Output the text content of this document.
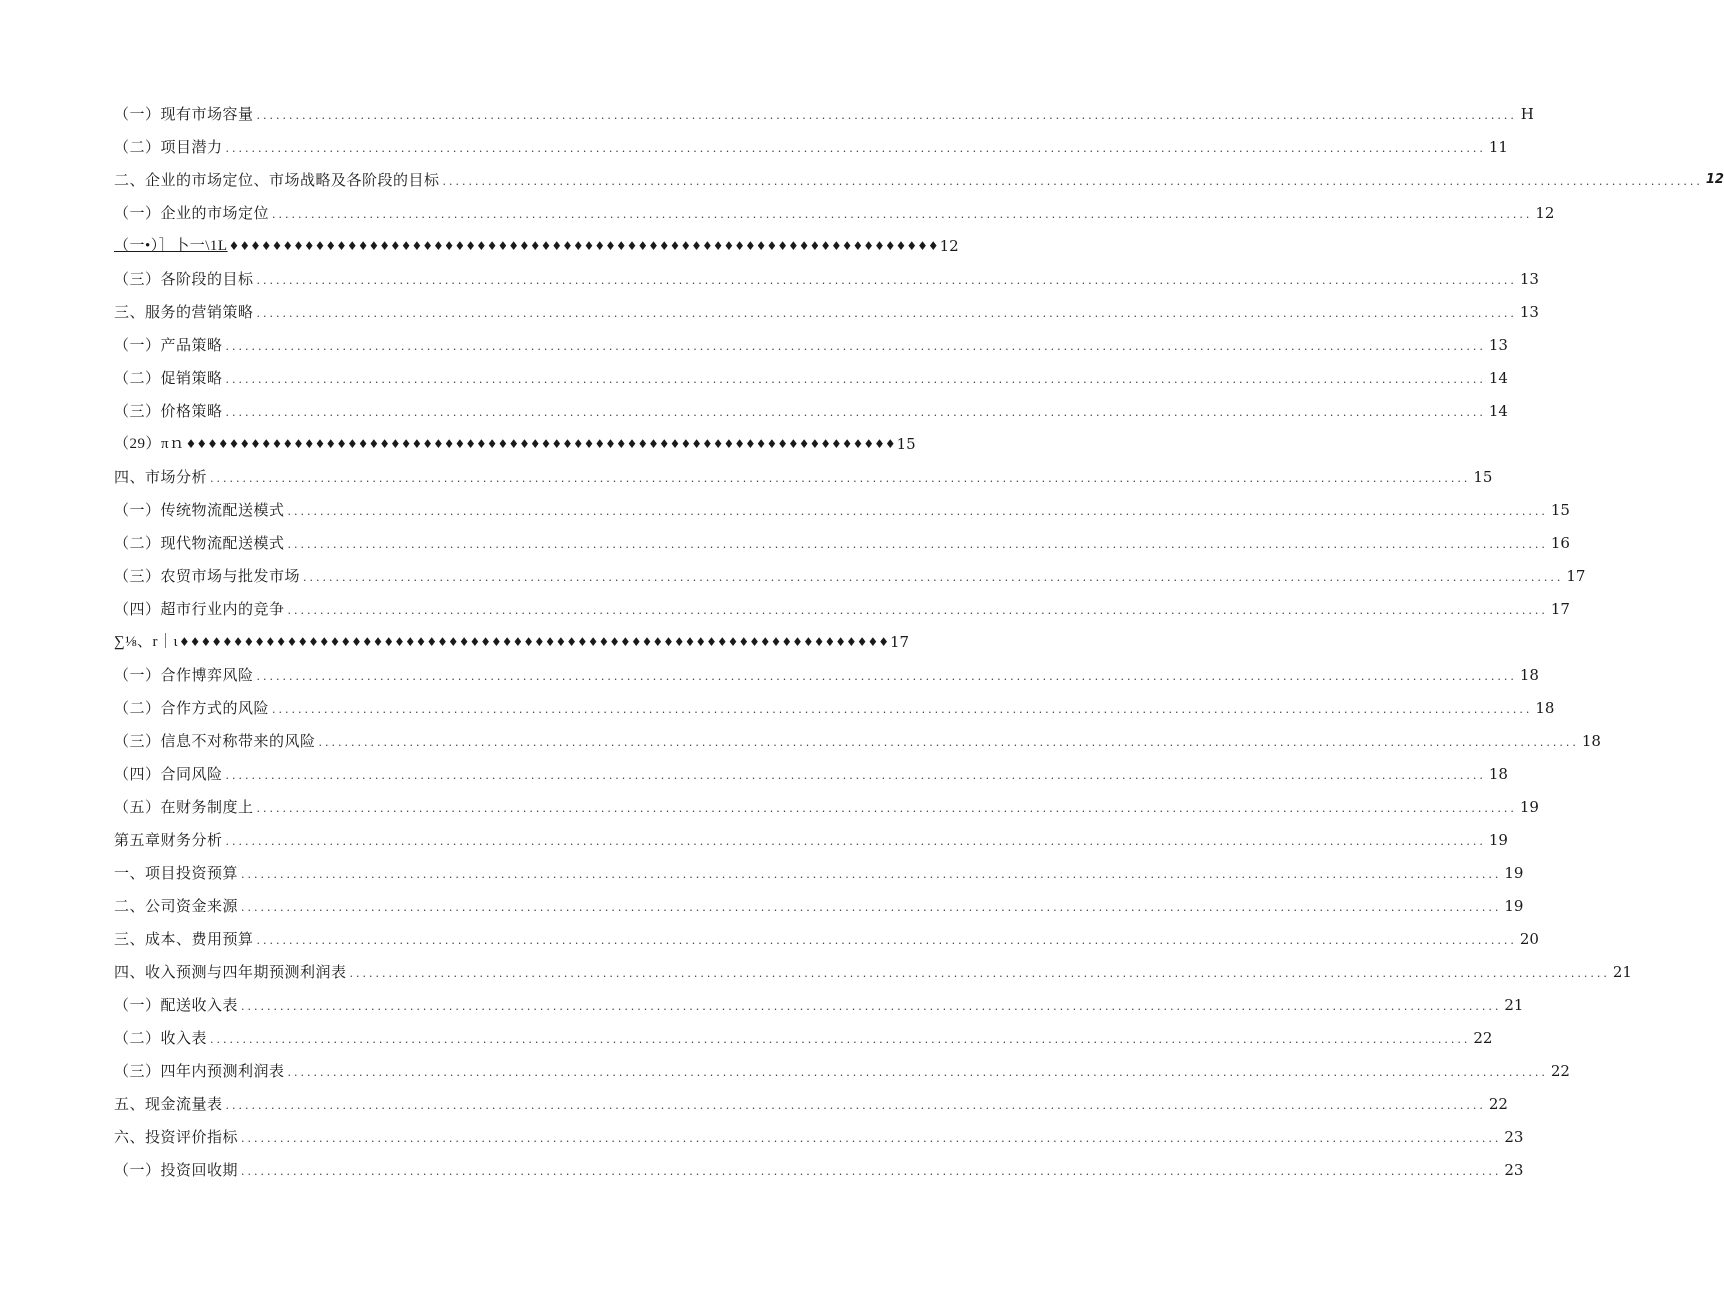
（一）现有市场容量 .................................................................................................................................................................................................. H
（二）项目潜力 .................................................................................................................................................................................................. 11
二、企业的市场定位、市场战略及各阶段的目标 .................................................................................................................................................................................................. 12
（一）企业的市场定位 .................................................................................................................................................................................................. 12
（一•）］卜一\1L ♦♦♦♦♦♦♦♦♦♦♦♦♦♦♦♦♦♦♦♦♦♦♦♦♦♦♦♦♦♦♦♦♦♦♦♦♦♦♦♦♦♦♦♦♦♦♦♦♦♦♦♦♦♦♦♦♦♦♦♦♦♦♦♦♦♦ 12
（三）各阶段的目标 .................................................................................................................................................................................................. 13
三、服务的营销策略 .................................................................................................................................................................................................. 13
（一）产品策略 .................................................................................................................................................................................................. 13
（二）促销策略 .................................................................................................................................................................................................. 14
（三）价格策略 .................................................................................................................................................................................................. 14
（29）πｎ ♦♦♦♦♦♦♦♦♦♦♦♦♦♦♦♦♦♦♦♦♦♦♦♦♦♦♦♦♦♦♦♦♦♦♦♦♦♦♦♦♦♦♦♦♦♦♦♦♦♦♦♦♦♦♦♦♦♦♦♦♦♦♦♦♦♦ 15
四、市场分析 .................................................................................................................................................................................................. 15
（一）传统物流配送模式 .................................................................................................................................................................................................. 15
（二）现代物流配送模式 .................................................................................................................................................................................................. 16
（三）农贸市场与批发市场 .................................................................................................................................................................................................. 17
（四）超市行业内的竞争 .................................................................................................................................................................................................. 17
∑⅛、r｜ι ♦♦♦♦♦♦♦♦♦♦♦♦♦♦♦♦♦♦♦♦♦♦♦♦♦♦♦♦♦♦♦♦♦♦♦♦♦♦♦♦♦♦♦♦♦♦♦♦♦♦♦♦♦♦♦♦♦♦♦♦♦♦♦♦♦♦ 17
（一）合作博弈风险 .................................................................................................................................................................................................. 18
（二）合作方式的风险 .................................................................................................................................................................................................. 18
（三）信息不对称带来的风险 .................................................................................................................................................................................................. 18
（四）合同风险 .................................................................................................................................................................................................. 18
（五）在财务制度上 .................................................................................................................................................................................................. 19
第五章财务分析 .................................................................................................................................................................................................. 19
一、项目投资预算 .................................................................................................................................................................................................. 19
二、公司资金来源 .................................................................................................................................................................................................. 19
三、成本、费用预算 .................................................................................................................................................................................................. 20
四、收入预测与四年期预测利润表 .................................................................................................................................................................................................. 21
（一）配送收入表 .................................................................................................................................................................................................. 21
（二）收入表 .................................................................................................................................................................................................. 22
（三）四年内预测利润表 .................................................................................................................................................................................................. 22
五、现金流量表 .................................................................................................................................................................................................. 22
六、投资评价指标 .................................................................................................................................................................................................. 23
（一）投资回收期 .................................................................................................................................................................................................. 23
